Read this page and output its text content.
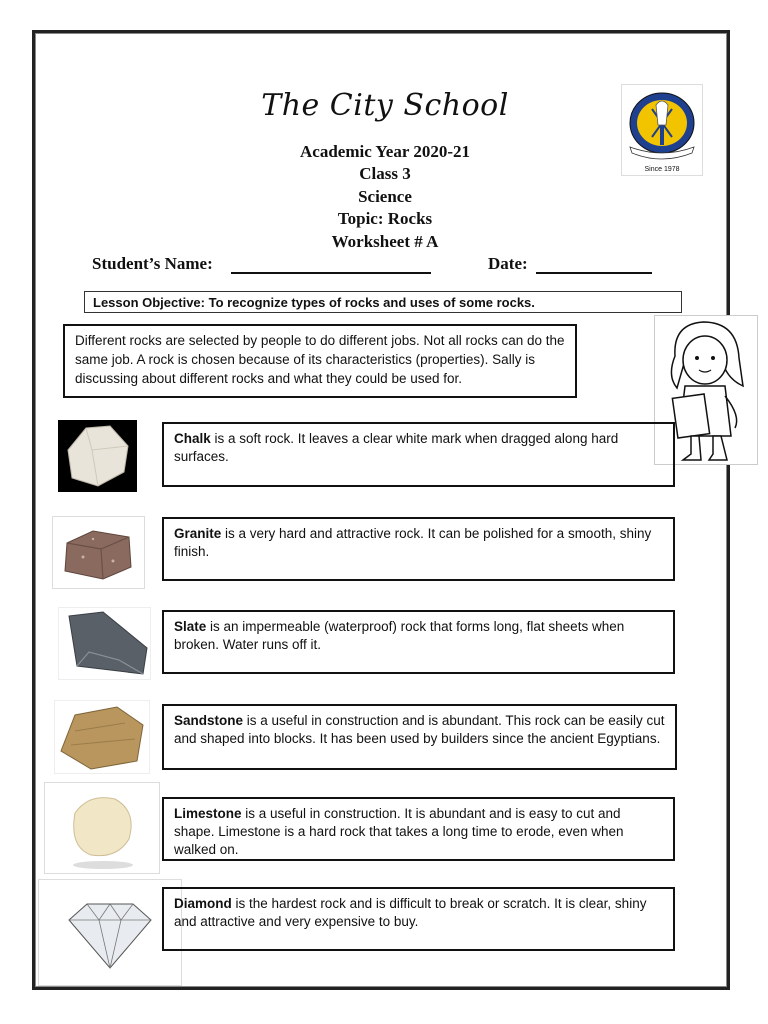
The City School
Since 1978
Academic Year 2020-21
Class 3
Science
Topic: Rocks
Worksheet # A
Student’s Name:	Date:
Lesson Objective: To recognize types of rocks and uses of some rocks.
Different rocks are selected by people to do different jobs. Not all rocks can do the same job. A rock is chosen because of its characteristics (properties). Sally is discussing about different rocks and what they could be used for.
Chalk is a soft rock. It leaves a clear white mark when dragged along hard surfaces.
Granite is a very hard and attractive rock. It can be polished for a smooth, shiny finish.
Slate is an impermeable (waterproof) rock that forms long, flat sheets when broken. Water runs off it.
Sandstone is a useful in construction and is abundant. This rock can be easily cut and shaped into blocks. It has been used by builders since the ancient Egyptians.
Limestone is a useful in construction. It is abundant and is easy to cut and shape. Limestone is a hard rock that takes a long time to erode, even when walked on.
Diamond is the hardest rock and is difficult to break or scratch. It is clear, shiny and attractive and very expensive to buy.
